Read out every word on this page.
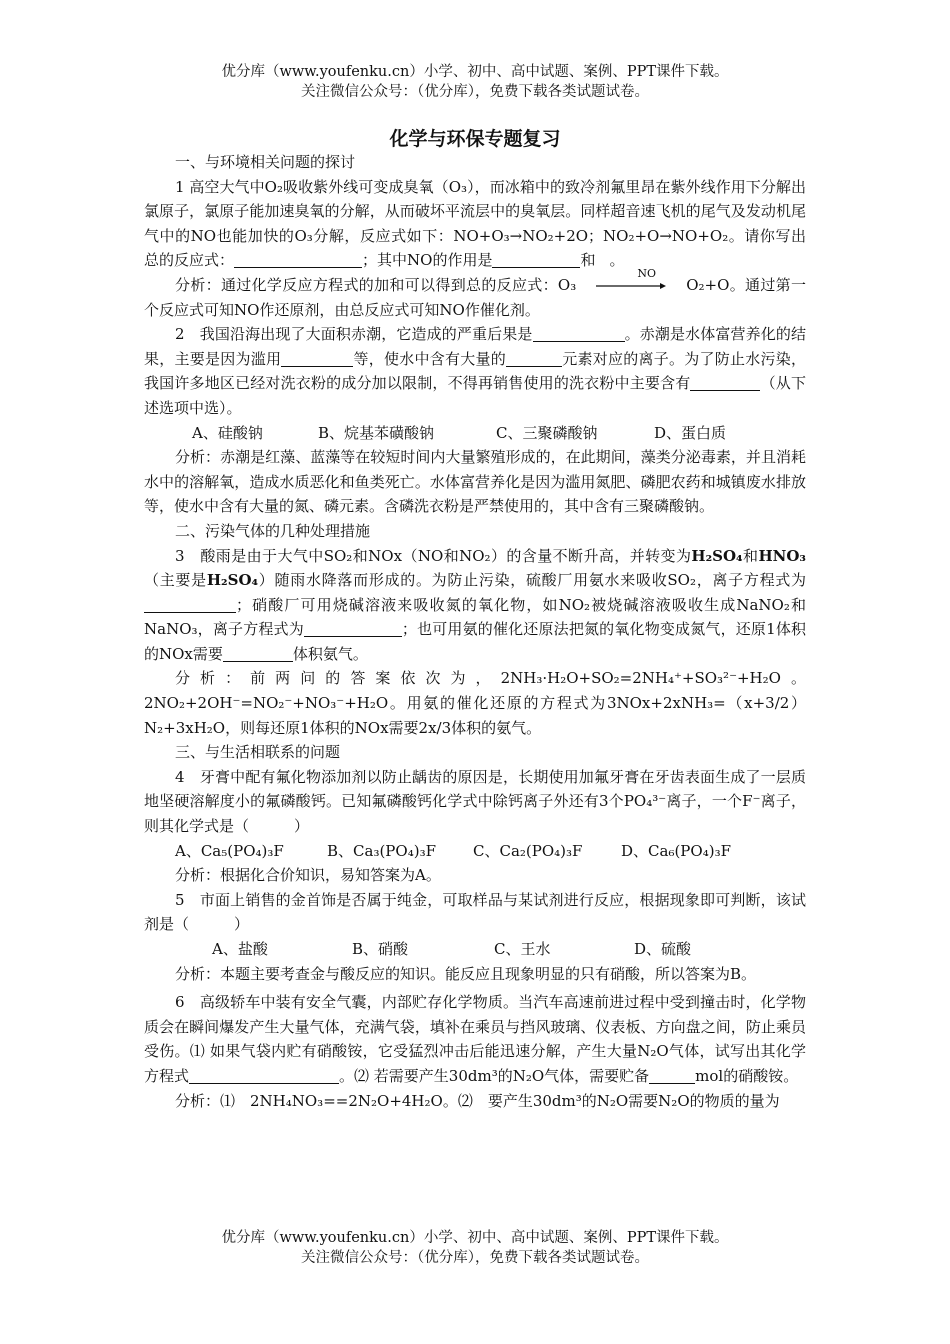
优分库（www.youfenku.cn）小学、初中、高中试题、案例、PPT课件下载。
关注微信公众号：（优分库），免费下载各类试题试卷。
化学与环保专题复习

一、与环境相关问题的探讨

1 高空大气中O₂吸收紫外线可变成臭氧（O₃），而冰箱中的致冷剂氟里昂在紫外线作用下分解出氯原子，氯原子能加速臭氧的分解，从而破坏平流层中的臭氧层。同样超音速飞机的尾气及发动机尾气中的NO也能加快的O₃分解，反应式如下：NO+O₃→NO₂+2O；NO₂+O→NO+O₂。请你写出总的反应式：	；其中NO的作用是	和 。

分析：通过化学反应方程式的加和可以得到总的反应式：O₃
NO
O₂+O。通过第一个反应式可知NO作还原剂，由总反应式可知NO作催化剂。

2　我国沿海出现了大面积赤潮，它造成的严重后果是	。赤潮是水体富营养化的结果，主要是因为滥用	等，使水中含有大量的	元素对应的离子。为了防止水污染，我国许多地区已经对洗衣粉的成分加以限制，不得再销售使用的洗衣粉中主要含有	（从下述选项中选）。

A、硅酸钠	B、烷基苯磺酸钠	C、三聚磷酸钠	D、蛋白质

分析：赤潮是红藻、蓝藻等在较短时间内大量繁殖形成的，在此期间，藻类分泌毒素，并且消耗水中的溶解氧，造成水质恶化和鱼类死亡。水体富营养化是因为滥用氮肥、磷肥农药和城镇废水排放等，使水中含有大量的氮、磷元素。含磷洗衣粉是严禁使用的，其中含有三聚磷酸钠。

二、污染气体的几种处理措施

3　酸雨是由于大气中SO₂和NOx（NO和NO₂）的含量不断升高，并转变为H₂SO₄和HNO₃（主要是H₂SO₄）随雨水降落而形成的。为防止污染，硫酸厂用氨水来吸收SO₂，离子方程式为；硝酸厂可用烧碱溶液来吸收氮的氧化物，如NO₂被烧碱溶液吸收生成NaNO₂和NaNO₃，离子方程式为	；也可用氨的催化还原法把氮的氧化物变成氮气，还原1体积的NOx需要	体积氨气。

分析：前两问的答案依次为，2NH₃·H₂O+SO₂=2NH₄⁺+SO₃²⁻+H₂O。2NO₂+2OH⁻=NO₂⁻+NO₃⁻+H₂O。用氨的催化还原的方程式为3NOx+2xNH₃=（x+3/2）N₂+3xH₂O，则每还原1体积的NOx需要2x/3体积的氨气。

三、与生活相联系的问题

4　牙膏中配有氟化物添加剂以防止龋齿的原因是，长期使用加氟牙膏在牙齿表面生成了一层质地坚硬溶解度小的氟磷酸钙。已知氟磷酸钙化学式中除钙离子外还有3个PO₄³⁻离子，一个F⁻离子，则其化学式是（　　　）

A、Ca₅(PO₄)₃F	B、Ca₃(PO₄)₃F	C、Ca₂(PO₄)₃F	D、Ca₆(PO₄)₃F

分析：根据化合价知识，易知答案为A。

5　市面上销售的金首饰是否属于纯金，可取样品与某试剂进行反应，根据现象即可判断，该试剂是（　　　）

A、盐酸	B、硝酸	C、王水	D、硫酸

分析：本题主要考查金与酸反应的知识。能反应且现象明显的只有硝酸，所以答案为B。

6　高级轿车中装有安全气囊，内部贮存化学物质。当汽车高速前进过程中受到撞击时，化学物质会在瞬间爆发产生大量气体，充满气袋，填补在乘员与挡风玻璃、仪表板、方向盘之间，防止乘员受伤。⑴ 如果气袋内贮有硝酸铵，它受猛烈冲击后能迅速分解，产生大量N₂O气体，试写出其化学方程式	。⑵ 若需要产生30dm³的N₂O气体，需要贮备	mol的硝酸铵。

分析：⑴　2NH₄NO₃==2N₂O+4H₂O。⑵　要产生30dm³的N₂O需要N₂O的物质的量为

优分库（www.youfenku.cn）小学、初中、高中试题、案例、PPT课件下载。
关注微信公众号：（优分库），免费下载各类试题试卷。
